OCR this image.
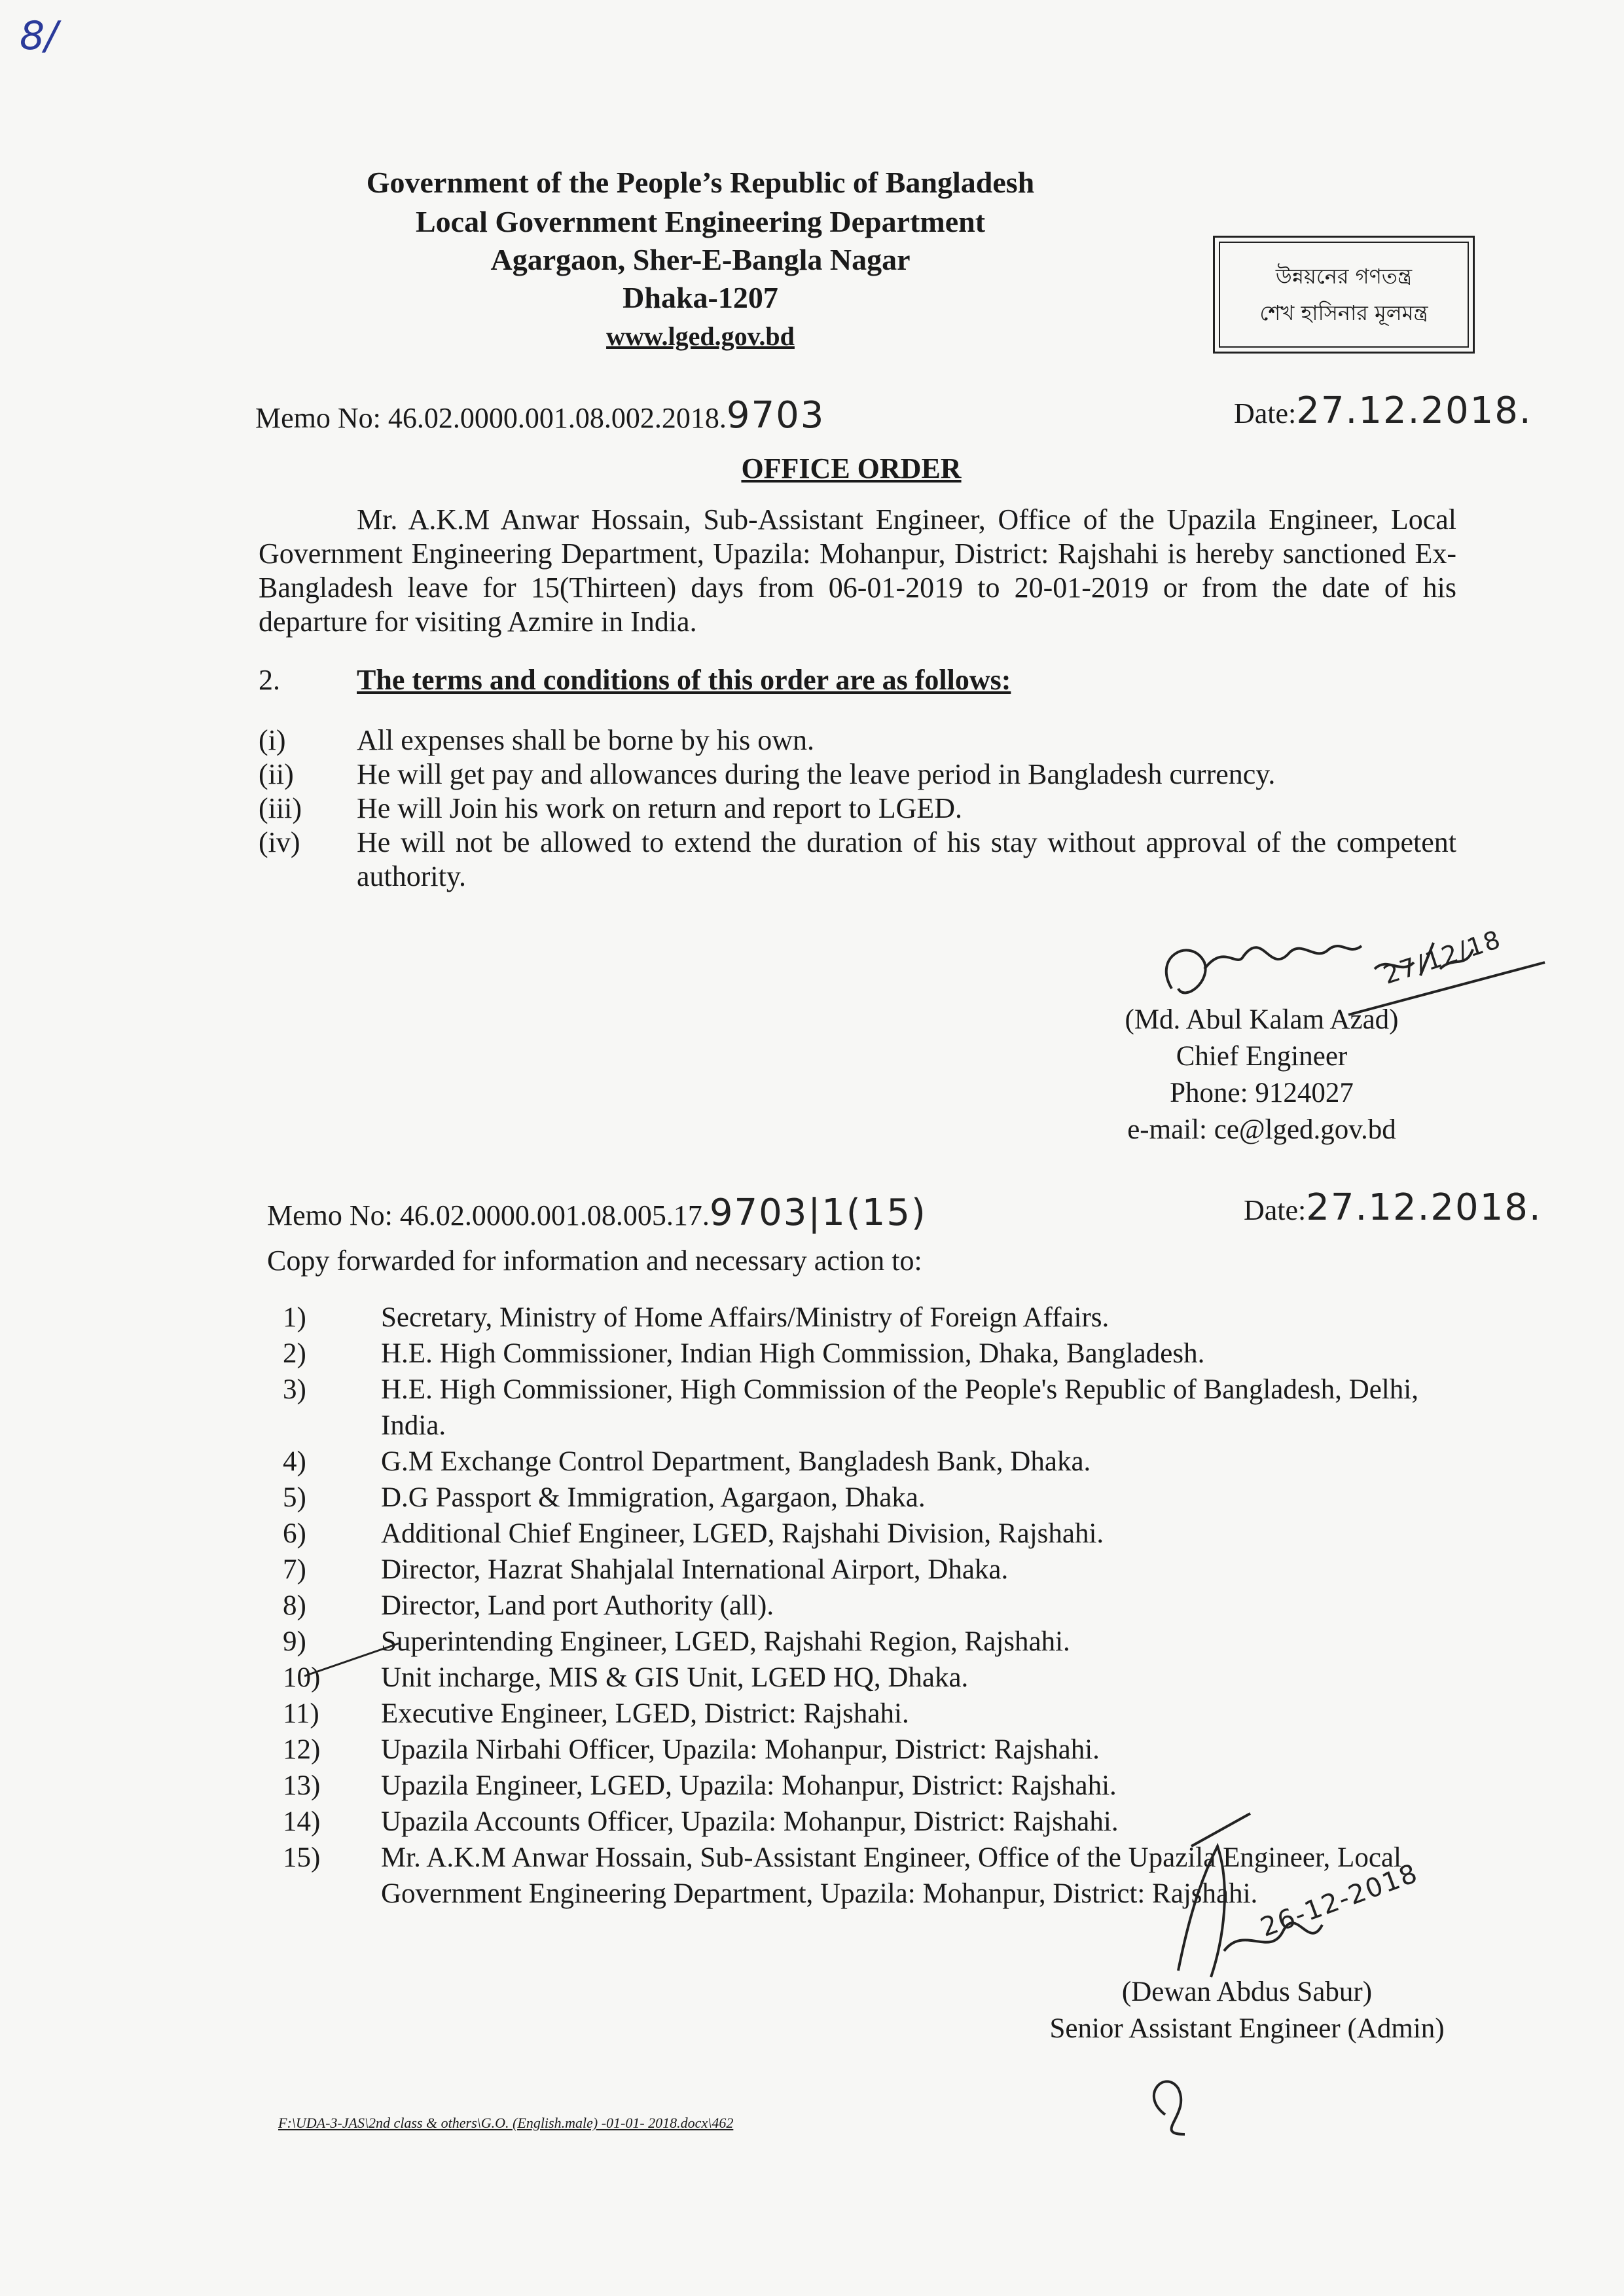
8/
Government of the People’s Republic of Bangladesh
Local Government Engineering Department
Agargaon, Sher-E-Bangla Nagar
Dhaka-1207
www.lged.gov.bd
উন্নয়নের গণতন্ত্র
শেখ হাসিনার মূলমন্ত্র
Memo No: 46.02.0000.001.08.002.2018.9703	Date:27.12.2018.
OFFICE ORDER
Mr. A.K.M Anwar Hossain, Sub-Assistant Engineer, Office of the Upazila Engineer, Local Government Engineering Department, Upazila: Mohanpur, District: Rajshahi is hereby sanctioned Ex-Bangladesh leave for 15(Thirteen) days from 06-01-2019 to 20-01-2019 or from the date of his departure for visiting Azmire in India.
2.	The terms and conditions of this order are as follows:
(i)	All expenses shall be borne by his own.
(ii)	He will get pay and allowances during the leave period in Bangladesh currency.
(iii)	He will Join his work on return and report to LGED.
(iv)	He will not be allowed to extend the duration of his stay without approval of the competent authority.
27/12/18
(Md. Abul Kalam Azad)
Chief Engineer
Phone: 9124027
e-mail: ce@lged.gov.bd
Memo No: 46.02.0000.001.08.005.17.9703|1(15)	Date:27.12.2018.
Copy forwarded for information and necessary action to:
1)	Secretary, Ministry of Home Affairs/Ministry of Foreign Affairs.
2)	H.E. High Commissioner, Indian High Commission, Dhaka, Bangladesh.
3)	H.E. High Commissioner, High Commission of the People's Republic of Bangladesh, Delhi, India.
4)	G.M Exchange Control Department, Bangladesh Bank, Dhaka.
5)	D.G Passport & Immigration, Agargaon, Dhaka.
6)	Additional Chief Engineer, LGED, Rajshahi Division, Rajshahi.
7)	Director, Hazrat Shahjalal International Airport, Dhaka.
8)	Director, Land port Authority (all).
9)	Superintending Engineer, LGED, Rajshahi Region, Rajshahi.
10)	Unit incharge, MIS & GIS Unit, LGED HQ, Dhaka.
11)	Executive Engineer, LGED, District: Rajshahi.
12)	Upazila Nirbahi Officer, Upazila: Mohanpur, District: Rajshahi.
13)	Upazila Engineer, LGED, Upazila: Mohanpur, District: Rajshahi.
14)	Upazila Accounts Officer, Upazila: Mohanpur, District: Rajshahi.
15)	Mr. A.K.M Anwar Hossain, Sub-Assistant Engineer, Office of the Upazila Engineer, Local Government Engineering Department, Upazila: Mohanpur, District: Rajshahi.
26-12-2018
(Dewan Abdus Sabur)
Senior Assistant Engineer (Admin)
F:\UDA-3-JAS\2nd class & others\G.O. (English.male) -01-01- 2018.docx\462
